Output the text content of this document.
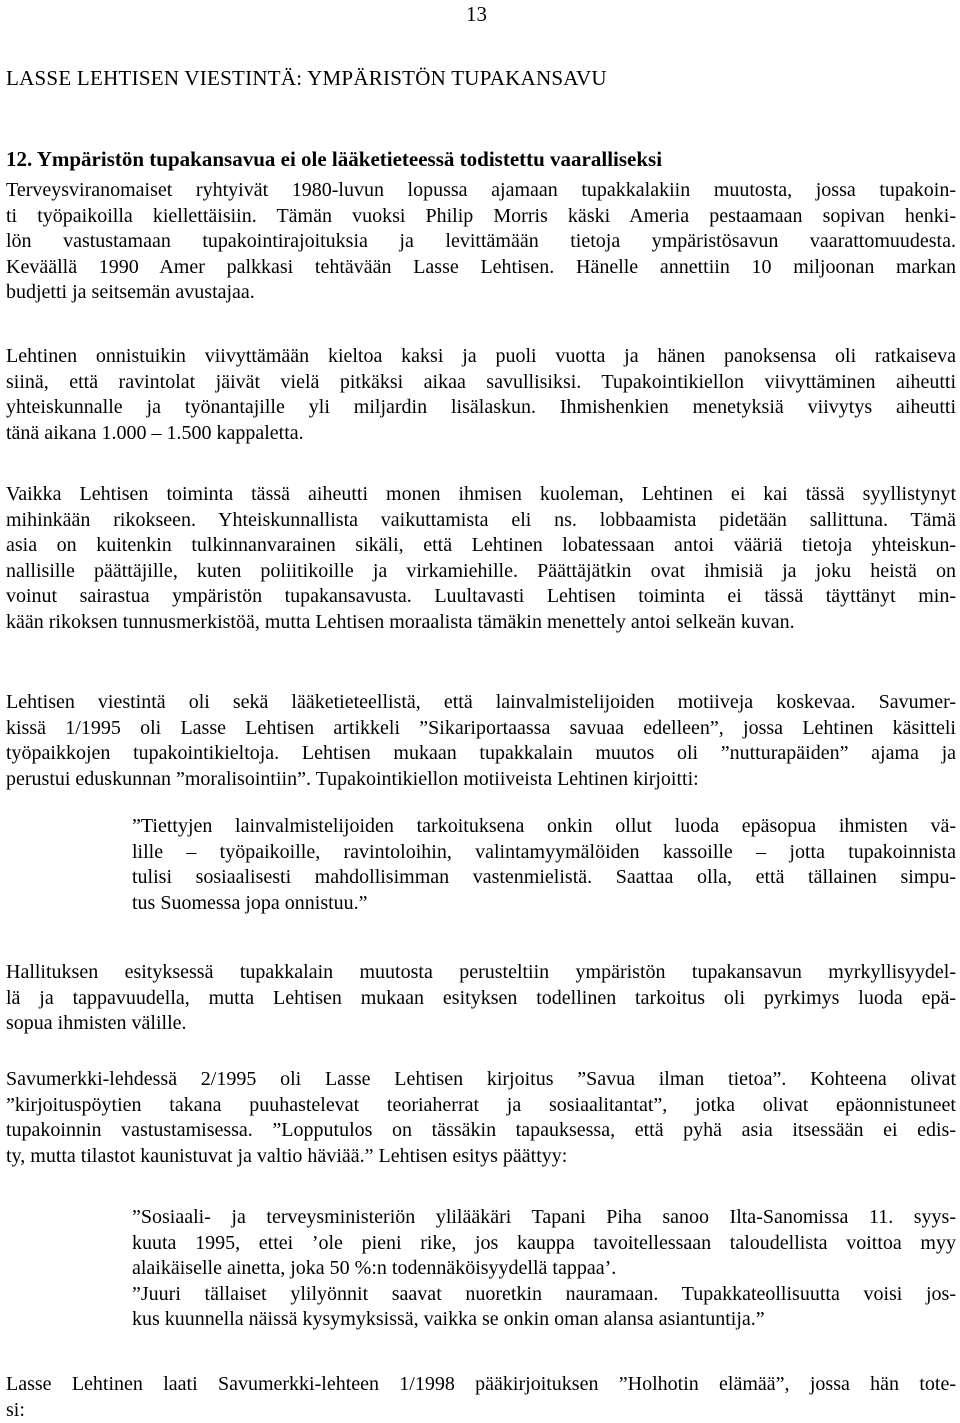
13
LASSE LEHTISEN VIESTINTÄ: YMPÄRISTÖN TUPAKANSAVU
12. Ympäristön tupakansavua ei ole lääketieteessä todistettu vaaralliseksi
Terveysviranomaiset ryhtyivät 1980-luvun lopussa ajamaan tupakkalakiin muutosta, jossa tupakoin-
ti työpaikoilla kiellettäisiin. Tämän vuoksi Philip Morris käski Ameria pestaamaan sopivan henki-
lön vastustamaan tupakointirajoituksia ja levittämään tietoja ympäristösavun vaarattomuudesta.
Keväällä 1990 Amer palkkasi tehtävään Lasse Lehtisen. Hänelle annettiin 10 miljoonan markan
budjetti ja seitsemän avustajaa.
Lehtinen onnistuikin viivyttämään kieltoa kaksi ja puoli vuotta ja hänen panoksensa oli ratkaiseva
siinä, että ravintolat jäivät vielä pitkäksi aikaa savullisiksi. Tupakointikiellon viivyttäminen aiheutti
yhteiskunnalle ja työnantajille yli miljardin lisälaskun. Ihmishenkien menetyksiä viivytys aiheutti
tänä aikana 1.000 – 1.500 kappaletta.
Vaikka Lehtisen toiminta tässä aiheutti monen ihmisen kuoleman, Lehtinen ei kai tässä syyllistynyt
mihinkään rikokseen. Yhteiskunnallista vaikuttamista eli ns. lobbaamista pidetään sallittuna. Tämä
asia on kuitenkin tulkinnanvarainen sikäli, että Lehtinen lobatessaan antoi vääriä tietoja yhteiskun-
nallisille päättäjille, kuten poliitikoille ja virkamiehille. Päättäjätkin ovat ihmisiä ja joku heistä on
voinut sairastua ympäristön tupakansavusta. Luultavasti Lehtisen toiminta ei tässä täyttänyt min-
kään rikoksen tunnusmerkistöä, mutta Lehtisen moraalista tämäkin menettely antoi selkeän kuvan.
Lehtisen viestintä oli sekä lääketieteellistä, että lainvalmistelijoiden motiiveja koskevaa. Savumer-
kissä 1/1995 oli Lasse Lehtisen artikkeli ”Sikariportaassa savuaa edelleen”, jossa Lehtinen käsitteli
työpaikkojen tupakointikieltoja. Lehtisen mukaan tupakkalain muutos oli ”nutturapäiden” ajama ja
perustui eduskunnan ”moralisointiin”. Tupakointikiellon motiiveista Lehtinen kirjoitti:
”Tiettyjen lainvalmistelijoiden tarkoituksena onkin ollut luoda epäsopua ihmisten vä-
lille – työpaikoille, ravintoloihin, valintamyymälöiden kassoille – jotta tupakoinnista
tulisi sosiaalisesti mahdollisimman vastenmielistä. Saattaa olla, että tällainen simpu-
tus Suomessa jopa onnistuu.”
Hallituksen esityksessä tupakkalain muutosta perusteltiin ympäristön tupakansavun myrkyllisyydel-
lä ja tappavuudella, mutta Lehtisen mukaan esityksen todellinen tarkoitus oli pyrkimys luoda epä-
sopua ihmisten välille.
Savumerkki-lehdessä 2/1995 oli Lasse Lehtisen kirjoitus ”Savua ilman tietoa”. Kohteena olivat
”kirjoituspöytien takana puuhastelevat teoriaherrat ja sosiaalitantat”, jotka olivat epäonnistuneet
tupakoinnin vastustamisessa. ”Lopputulos on tässäkin tapauksessa, että pyhä asia itsessään ei edis-
ty, mutta tilastot kaunistuvat ja valtio häviää.” Lehtisen esitys päättyy:
”Sosiaali- ja terveysministeriön ylilääkäri Tapani Piha sanoo Ilta-Sanomissa 11. syys-
kuuta 1995, ettei ’ole pieni rike, jos kauppa tavoitellessaan taloudellista voittoa myy
alaikäiselle ainetta, joka 50 %:n todennäköisyydellä tappaa’.
”Juuri tällaiset ylilyönnit saavat nuoretkin nauramaan. Tupakkateollisuutta voisi jos-
kus kuunnella näissä kysymyksissä, vaikka se onkin oman alansa asiantuntija.”
Lasse Lehtinen laati Savumerkki-lehteen 1/1998 pääkirjoituksen ”Holhotin elämää”, jossa hän tote-
si:
